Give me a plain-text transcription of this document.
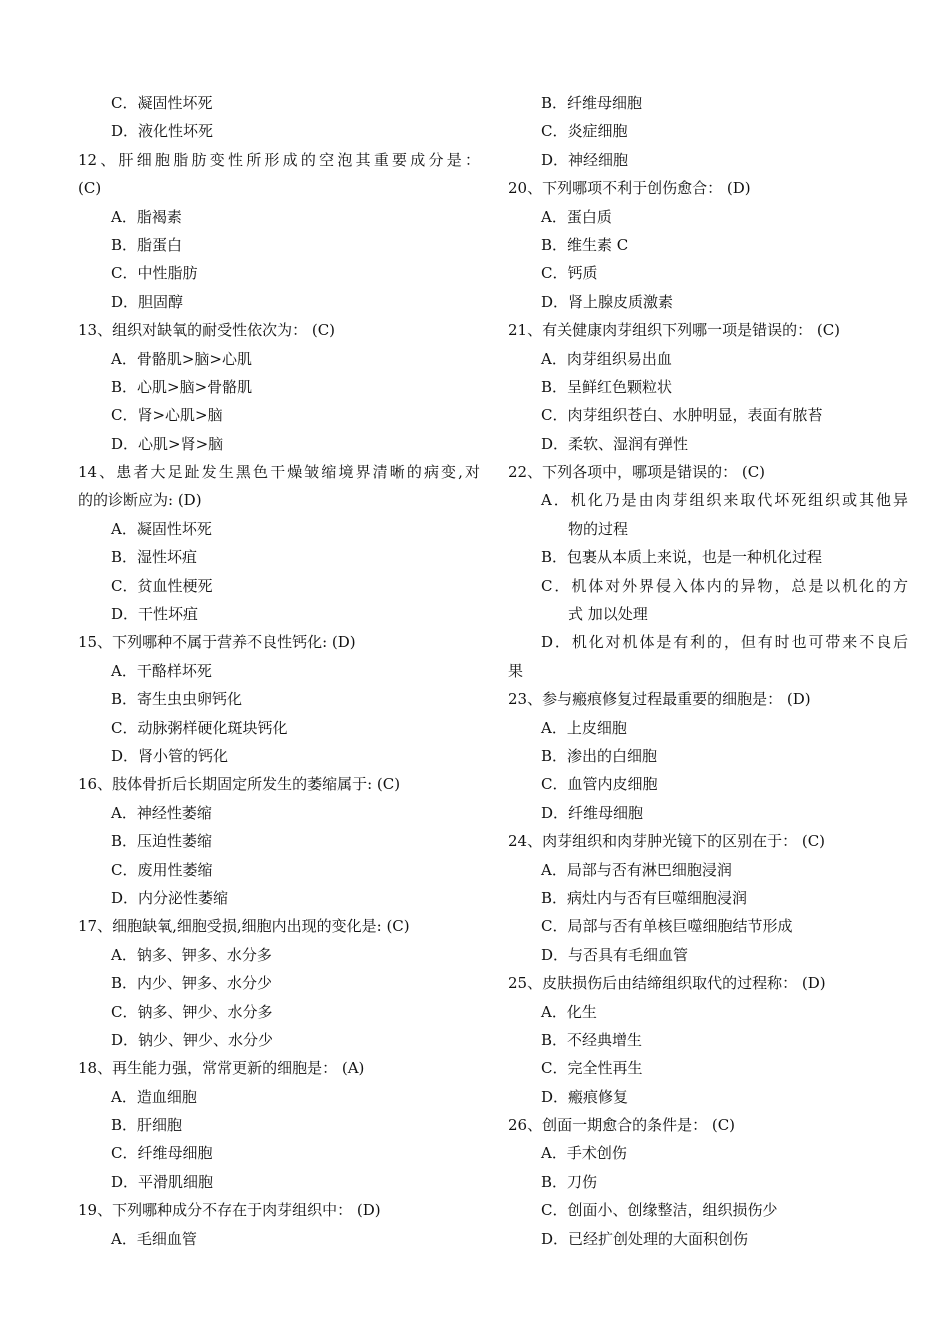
C．凝固性坏死
D．液化性坏死
12、肝细胞脂肪变性所形成的空泡其重要成分是：
(C)
A．脂褐素
B．脂蛋白
C．中性脂肪
D．胆固醇
13、组织对缺氧的耐受性依次为： (C)
A．骨骼肌>脑>心肌
B．心肌>脑>骨骼肌
C．肾>心肌>脑
D．心肌>肾>脑
14、患者大足趾发生黑色干燥皱缩境界清晰的病变,对
的的诊断应为: (D)
A．凝固性坏死
B．湿性坏疽
C．贫血性梗死
D．干性坏疽
15、下列哪种不属于营养不良性钙化: (D)
A．干酪样坏死
B．寄生虫虫卵钙化
C．动脉粥样硬化斑块钙化
D．肾小管的钙化
16、肢体骨折后长期固定所发生的萎缩属于: (C)
A．神经性萎缩
B．压迫性萎缩
C．废用性萎缩
D．内分泌性萎缩
17、细胞缺氧,细胞受损,细胞内出现的变化是: (C)
A．钠多、钾多、水分多
B．内少、钾多、水分少
C．钠多、钾少、水分多
D．钠少、钾少、水分少
18、再生能力强，常常更新的细胞是： (A)
A．造血细胞
B．肝细胞
C．纤维母细胞
D．平滑肌细胞
19、下列哪种成分不存在于肉芽组织中： (D)
A．毛细血管
B．纤维母细胞
C．炎症细胞
D．神经细胞
20、下列哪项不利于创伤愈合： (D)
A．蛋白质
B．维生素 C
C．钙质
D．肾上腺皮质激素
21、有关健康肉芽组织下列哪一项是错误的： (C)
A．肉芽组织易出血
B．呈鲜红色颗粒状
C．肉芽组织苍白、水肿明显，表面有脓苔
D．柔软、湿润有弹性
22、下列各项中，哪项是错误的： (C)
A．机化乃是由肉芽组织来取代坏死组织或其他异
物的过程
B．包裹从本质上来说，也是一种机化过程
C．机体对外界侵入体内的异物，总是以机化的方
式 加以处理
D．机化对机体是有利的，但有时也可带来不良后
果
23、参与瘢痕修复过程最重要的细胞是： (D)
A．上皮细胞
B．渗出的白细胞
C．血管内皮细胞
D．纤维母细胞
24、肉芽组织和肉芽肿光镜下的区别在于： (C)
A．局部与否有淋巴细胞浸润
B．病灶内与否有巨噬细胞浸润
C．局部与否有单核巨噬细胞结节形成
D．与否具有毛细血管
25、皮肤损伤后由结缔组织取代的过程称： (D)
A．化生
B．不经典增生
C．完全性再生
D．瘢痕修复
26、创面一期愈合的条件是： (C)
A．手术创伤
B．刀伤
C．创面小、创缘整洁，组织损伤少
D．已经扩创处理的大面积创伤
